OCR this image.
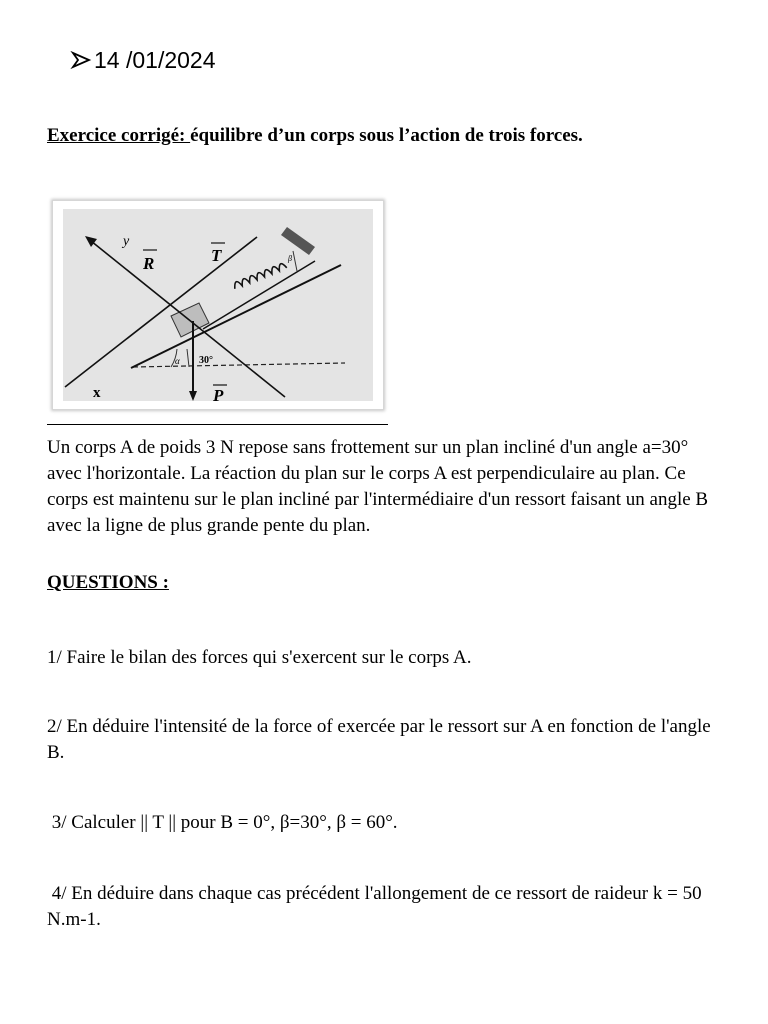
14 /01/2024
Exercice corrigé: équilibre d’un corps sous l’action de trois forces.
y
x
R	T
P
α 30°
β

Un corps A de poids 3 N repose sans frottement sur un plan incliné d'un angle a=30° avec l'horizontale. La réaction du plan sur le corps A est perpendiculaire au plan. Ce corps est maintenu sur le plan incliné par l'intermédiaire d'un ressort faisant un angle B avec la ligne de plus grande pente du plan.

QUESTIONS :

1/ Faire le bilan des forces qui s'exercent sur le corps A.

2/ En déduire l'intensité de la force of exercée par le ressort sur A en fonction de l'angle B.

3/ Calculer || T || pour B = 0°, β=30°, β = 60°.

4/ En déduire dans chaque cas précédent l'allongement de ce ressort de raideur k = 50 N.m-1.
